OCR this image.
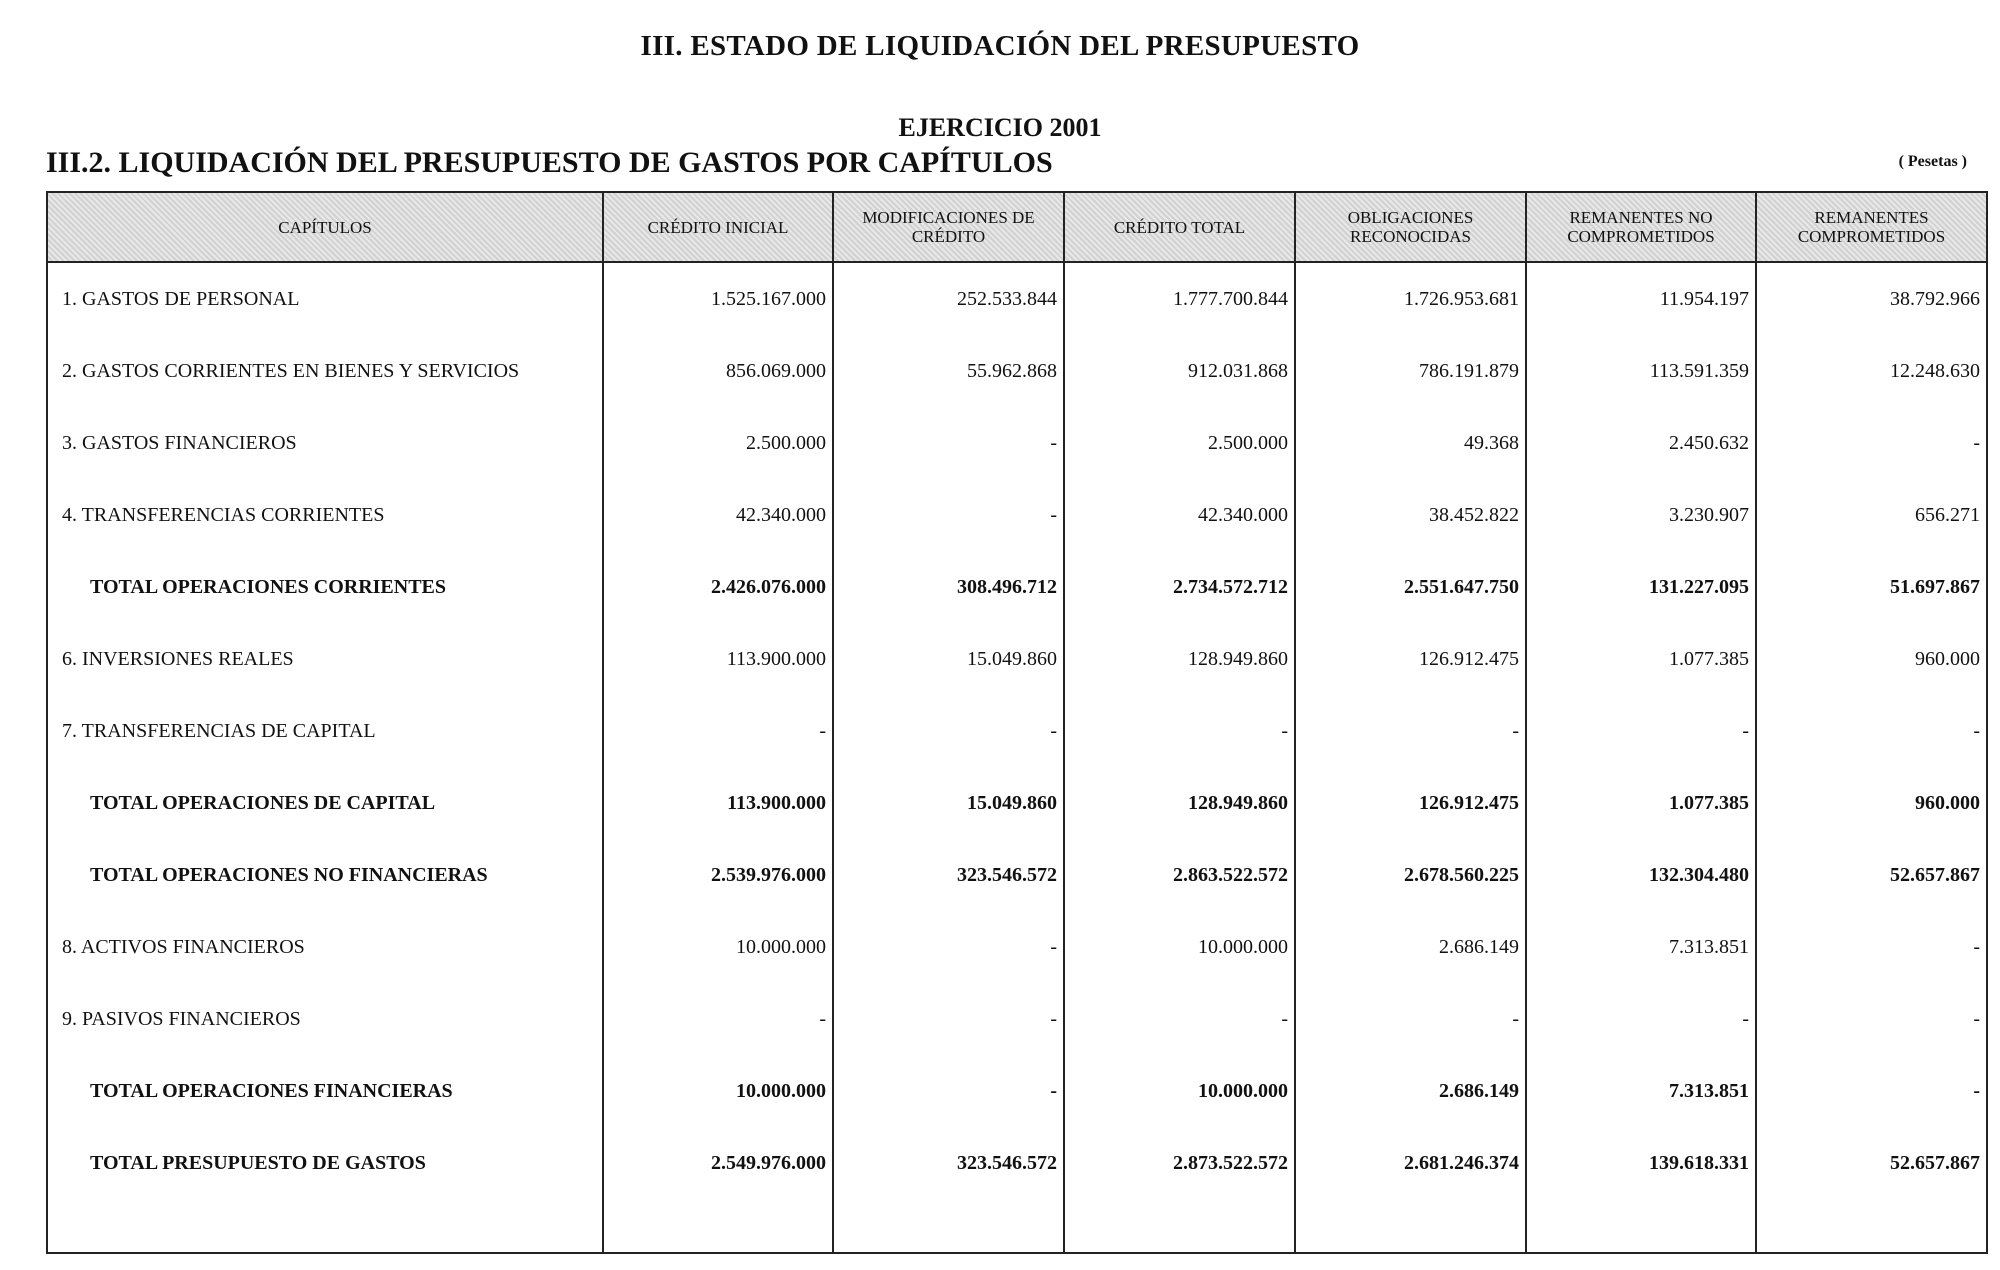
III. ESTADO DE LIQUIDACIÓN DEL PRESUPUESTO
EJERCICIO 2001
III.2. LIQUIDACIÓN DEL PRESUPUESTO DE GASTOS POR CAPÍTULOS	( Pesetas )
CAPÍTULOS	CRÉDITO INICIAL	MODIFICACIONES DE CRÉDITO	CRÉDITO TOTAL	OBLIGACIONES RECONOCIDAS	REMANENTES NO COMPROMETIDOS	REMANENTES COMPROMETIDOS
1. GASTOS DE PERSONAL	1.525.167.000	252.533.844	1.777.700.844	1.726.953.681	11.954.197	38.792.966
2. GASTOS CORRIENTES EN BIENES Y SERVICIOS	856.069.000	55.962.868	912.031.868	786.191.879	113.591.359	12.248.630
3. GASTOS FINANCIEROS	2.500.000	-	2.500.000	49.368	2.450.632	-
4. TRANSFERENCIAS CORRIENTES	42.340.000	-	42.340.000	38.452.822	3.230.907	656.271
TOTAL OPERACIONES CORRIENTES	2.426.076.000	308.496.712	2.734.572.712	2.551.647.750	131.227.095	51.697.867
6. INVERSIONES REALES	113.900.000	15.049.860	128.949.860	126.912.475	1.077.385	960.000
7. TRANSFERENCIAS DE CAPITAL	-	-	-	-	-	-
TOTAL OPERACIONES DE CAPITAL	113.900.000	15.049.860	128.949.860	126.912.475	1.077.385	960.000
TOTAL OPERACIONES NO FINANCIERAS	2.539.976.000	323.546.572	2.863.522.572	2.678.560.225	132.304.480	52.657.867
8. ACTIVOS FINANCIEROS	10.000.000	-	10.000.000	2.686.149	7.313.851	-
9. PASIVOS FINANCIEROS	-	-	-	-	-	-
TOTAL OPERACIONES FINANCIERAS	10.000.000	-	10.000.000	2.686.149	7.313.851	-
TOTAL PRESUPUESTO DE GASTOS	2.549.976.000	323.546.572	2.873.522.572	2.681.246.374	139.618.331	52.657.867
